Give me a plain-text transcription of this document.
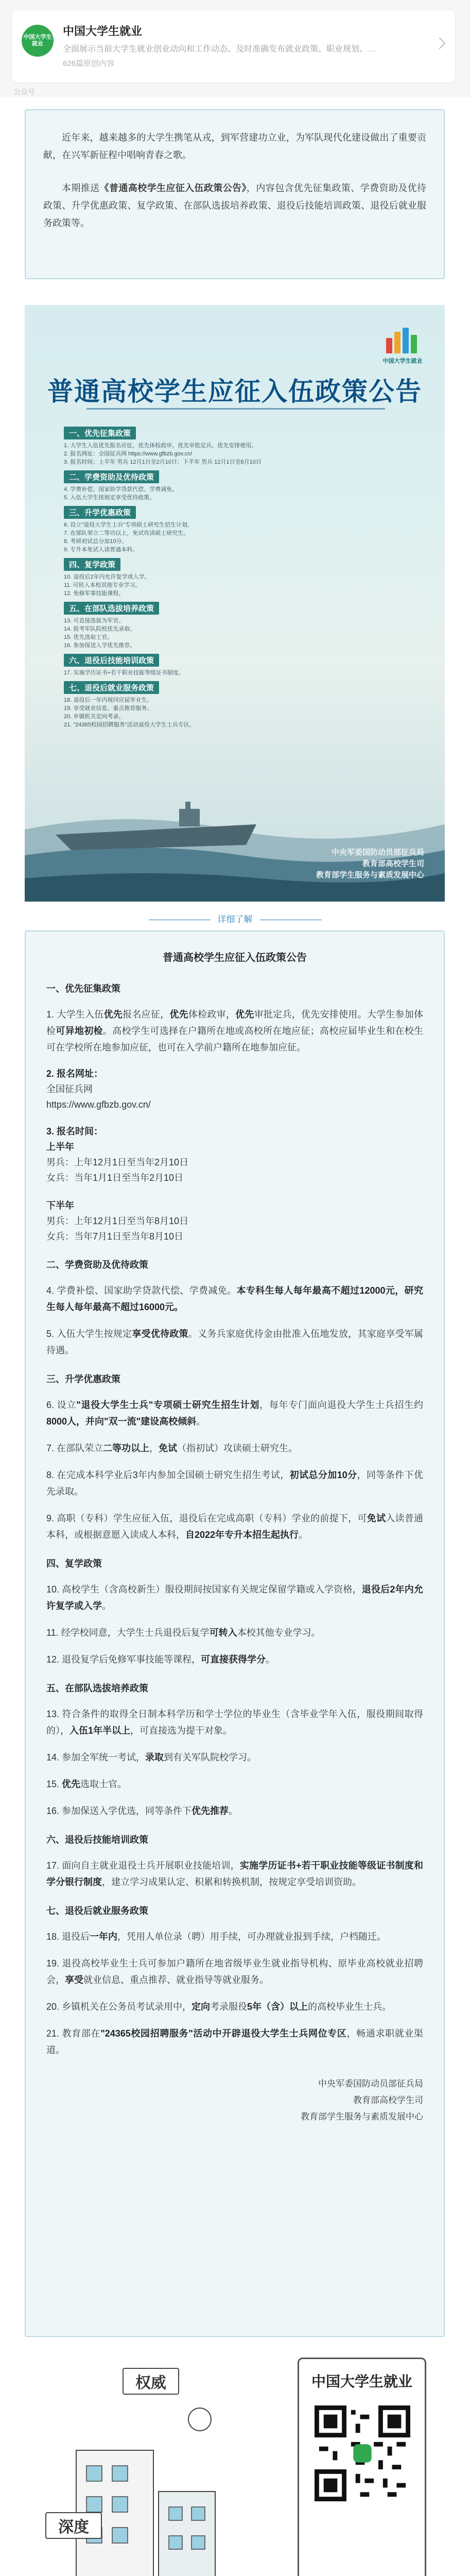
中国大学生就业
中国大学生就业
全面展示当前大学生就业创业动向和工作动态、及时准确发布就业政策、职业规划、…
626篇原创内容
公众号

近年来，越来越多的大学生携笔从戎，到军营建功立业，为军队现代化建设做出了重要贡献，在兴军新征程中唱响青春之歌。

本期推送《普通高校学生应征入伍政策公告》，内容包含优先征集政策、学费资助及优待政策、升学优惠政策、复学政策、在部队选拔培养政策、退役后技能培训政策、退役后就业服务政策等。

中国大学生就业
普通高校学生应征入伍政策公告
一、优先征集政策
1. 大学生入伍优先报名应征，优先体检政审，优先审批定兵，优先安排使用。
2. 报名网址：全国征兵网 https://www.gfbzb.gov.cn/
3. 报名时间：上半年 男兵 12月1日至2月10日；下半年 男兵 12月1日至8月10日
二、学费资助及优待政策
4. 学费补偿、国家助学贷款代偿、学费减免。
5. 入伍大学生按规定享受优待政策。
三、升学优惠政策
6. 设立"退役大学生士兵"专项硕士研究生招生计划。
7. 在部队荣立二等功以上，免试攻读硕士研究生。
8. 考研初试总分加10分。
9. 专升本免试入读普通本科。
四、复学政策
10. 退役后2年内允许复学或入学。
11. 可转入本校其他专业学习。
12. 免修军事技能课程。
五、在部队选拔培养政策
13. 可直接选拔为军官。
14. 报考军队院校优先录取。
15. 优先选取士官。
16. 参加保送入学优先推荐。
六、退役后技能培训政策
17. 实施学历证书+若干职业技能等级证书制度。
七、退役后就业服务政策
18. 退役后一年内视同应届毕业生。
19. 享受就业信息、重点推荐服务。
20. 乡镇机关定向考录。
21. "24365校园招聘服务"活动退役大学生士兵专区。
中央军委国防动员部征兵局
教育部高校学生司
教育部学生服务与素质发展中心
详细了解
普通高校学生应征入伍政策公告
一、优先征集政策
1. 大学生入伍优先报名应征，优先体检政审，优先审批定兵，优先安排使用。大学生参加体检可异地初检。高校学生可选择在户籍所在地或高校所在地应征；高校应届毕业生和在校生可在学校所在地参加应征，也可在入学前户籍所在地参加应征。
2. 报名网址：
全国征兵网
https://www.gfbzb.gov.cn/
3. 报名时间：
上半年
男兵：上年12月1日至当年2月10日
女兵：当年1月1日至当年2月10日
下半年
男兵：上年12月1日至当年8月10日
女兵：当年7月1日至当年8月10日
二、学费资助及优待政策
4. 学费补偿、国家助学贷款代偿、学费减免。本专科生每人每年最高不超过12000元，研究生每人每年最高不超过16000元。
5. 入伍大学生按规定享受优待政策。义务兵家庭优待金由批准入伍地发放，其家庭享受军属待遇。
三、升学优惠政策
6. 设立"退役大学生士兵"专项硕士研究生招生计划，每年专门面向退役大学生士兵招生约8000人，并向"双一流"建设高校倾斜。
7. 在部队荣立二等功以上，免试（指初试）攻读硕士研究生。
8. 在完成本科学业后3年内参加全国硕士研究生招生考试，初试总分加10分，同等条件下优先录取。
9. 高职（专科）学生应征入伍，退役后在完成高职（专科）学业的前提下，可免试入读普通本科，或根据意愿入读成人本科，自2022年专升本招生起执行。
四、复学政策
10. 高校学生（含高校新生）服役期间按国家有关规定保留学籍或入学资格，退役后2年内允许复学或入学。
11. 经学校同意，大学生士兵退役后复学可转入本校其他专业学习。
12. 退役复学后免修军事技能等课程，可直接获得学分。
五、在部队选拔培养政策
13. 符合条件的取得全日制本科学历和学士学位的毕业生（含毕业学年入伍，服役期间取得的），入伍1年半以上，可直接选为提干对象。
14. 参加全军统一考试，录取到有关军队院校学习。
15. 优先选取士官。
16. 参加保送入学优选，同等条件下优先推荐。
六、退役后技能培训政策
17. 面向自主就业退役士兵开展职业技能培训，实施学历证书+若干职业技能等级证书制度和学分银行制度，建立学习成果认定、积累和转换机制，按规定享受培训资助。
七、退役后就业服务政策
18. 退役后一年内，凭用人单位录（聘）用手续，可办理就业报到手续，户档随迁。
19. 退役高校毕业生士兵可参加户籍所在地省级毕业生就业指导机构、原毕业高校就业招聘会，享受就业信息、重点推荐、就业指导等就业服务。
20. 乡镇机关在公务员考试录用中，定向考录服役5年（含）以上的高校毕业生士兵。
21. 教育部在"24365校园招聘服务"活动中开辟退役大学生士兵网位专区，畅通求职就业渠道。
中央军委国防动员部征兵局
教育部高校学生司
教育部学生服务与素质发展中心
权威
深度
中国大学生就业
